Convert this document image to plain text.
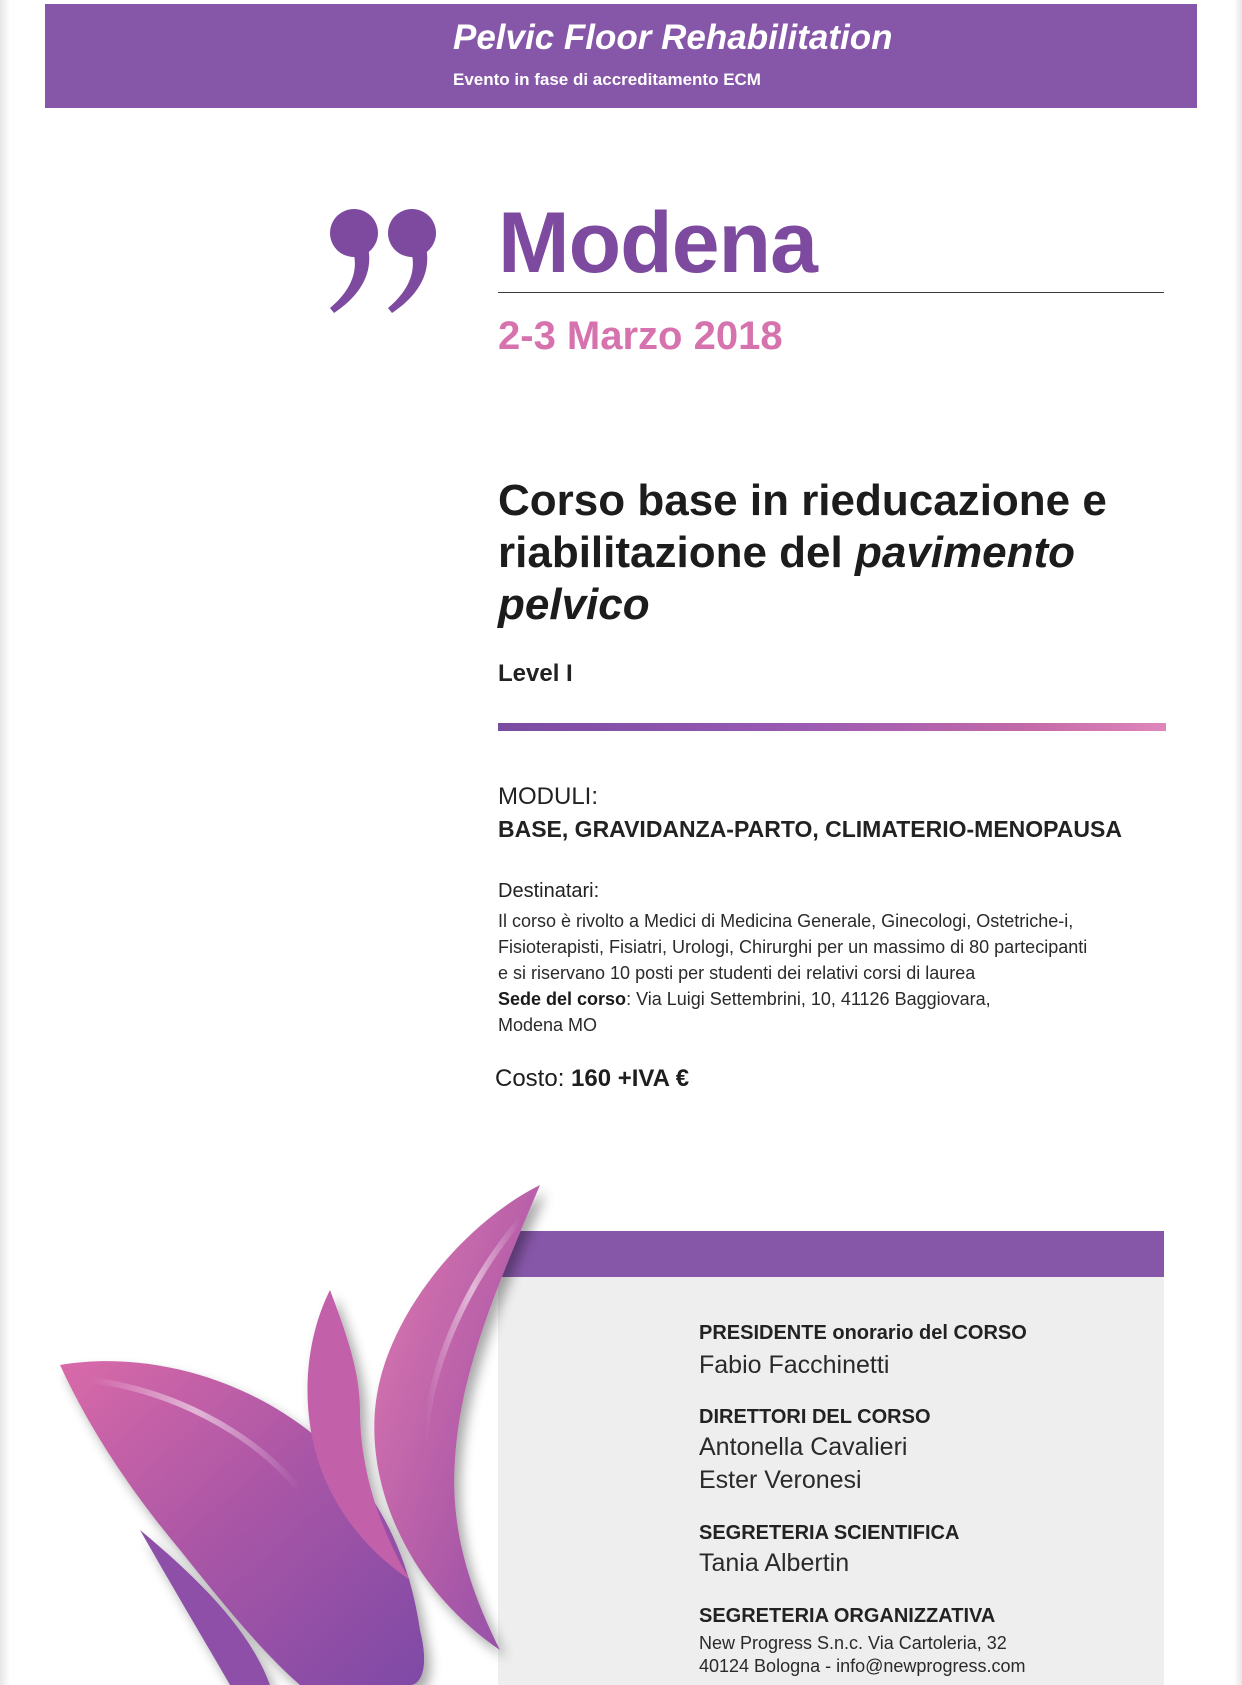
Pelvic Floor Rehabilitation
Evento in fase di accreditamento ECM
Modena
2-3 Marzo 2018
Corso base in rieducazione e riabilitazione del pavimento pelvico
Level I
MODULI:
BASE, GRAVIDANZA-PARTO, CLIMATERIO-MENOPAUSA
Destinatari:
Il corso è rivolto a Medici di Medicina Generale, Ginecologi, Ostetriche-i,
Fisioterapisti, Fisiatri, Urologi, Chirurghi per un massimo di 80 partecipanti
e si riservano 10 posti per studenti dei relativi corsi di laurea
Sede del corso: Via Luigi Settembrini, 10, 41126 Baggiovara,
Modena MO
Costo: 160 +IVA €
PRESIDENTE onorario del CORSO
Fabio Facchinetti
DIRETTORI DEL CORSO
Antonella Cavalieri
Ester Veronesi
SEGRETERIA SCIENTIFICA
Tania Albertin
SEGRETERIA ORGANIZZATIVA
New Progress S.n.c. Via Cartoleria, 32
40124 Bologna - info@newprogress.com
